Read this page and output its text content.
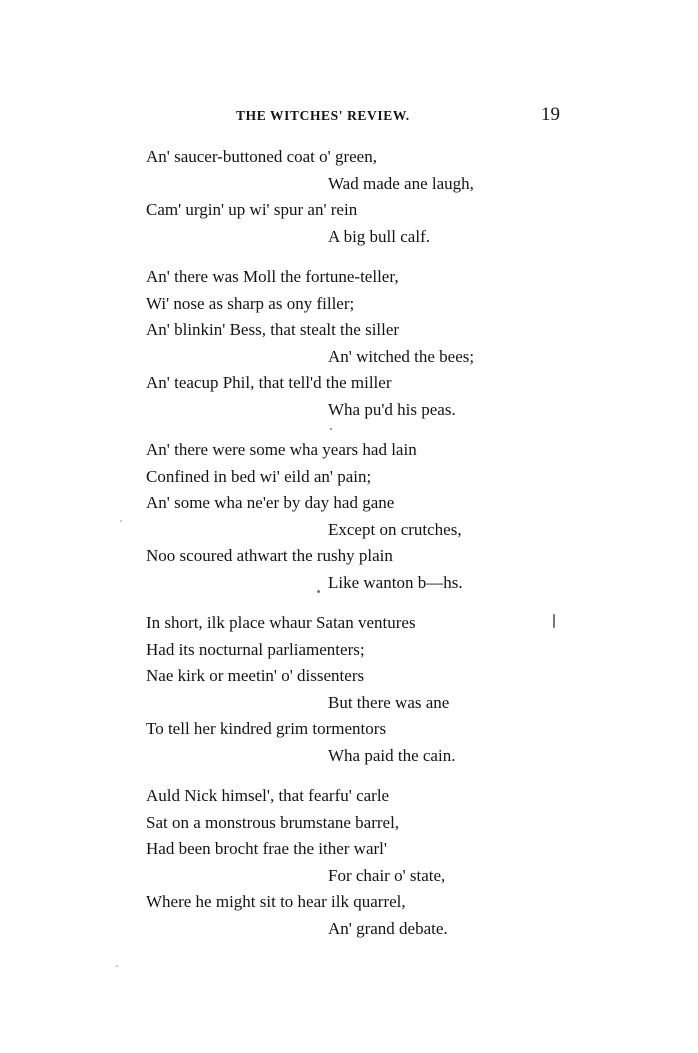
THE WITCHES' REVIEW.	19
An' saucer-buttoned coat o' green,
Wad made ane laugh,
Cam' urgin' up wi' spur an' rein
A big bull calf.
An' there was Moll the fortune-teller,
Wi' nose as sharp as ony filler;
An' blinkin' Bess, that stealt the siller
An' witched the bees;
An' teacup Phil, that tell'd the miller
Wha pu'd his peas.
An' there were some wha years had lain
Confined in bed wi' eild an' pain;
An' some wha ne'er by day had gane
Except on crutches,
Noo scoured athwart the rushy plain
Like wanton b—hs.
In short, ilk place whaur Satan ventures
Had its nocturnal parliamenters;
Nae kirk or meetin' o' dissenters
But there was ane
To tell her kindred grim tormentors
Wha paid the cain.
Auld Nick himsel', that fearfu' carle
Sat on a monstrous brumstane barrel,
Had been brocht frae the ither warl'
For chair o' state,
Where he might sit to hear ilk quarrel,
An' grand debate.
